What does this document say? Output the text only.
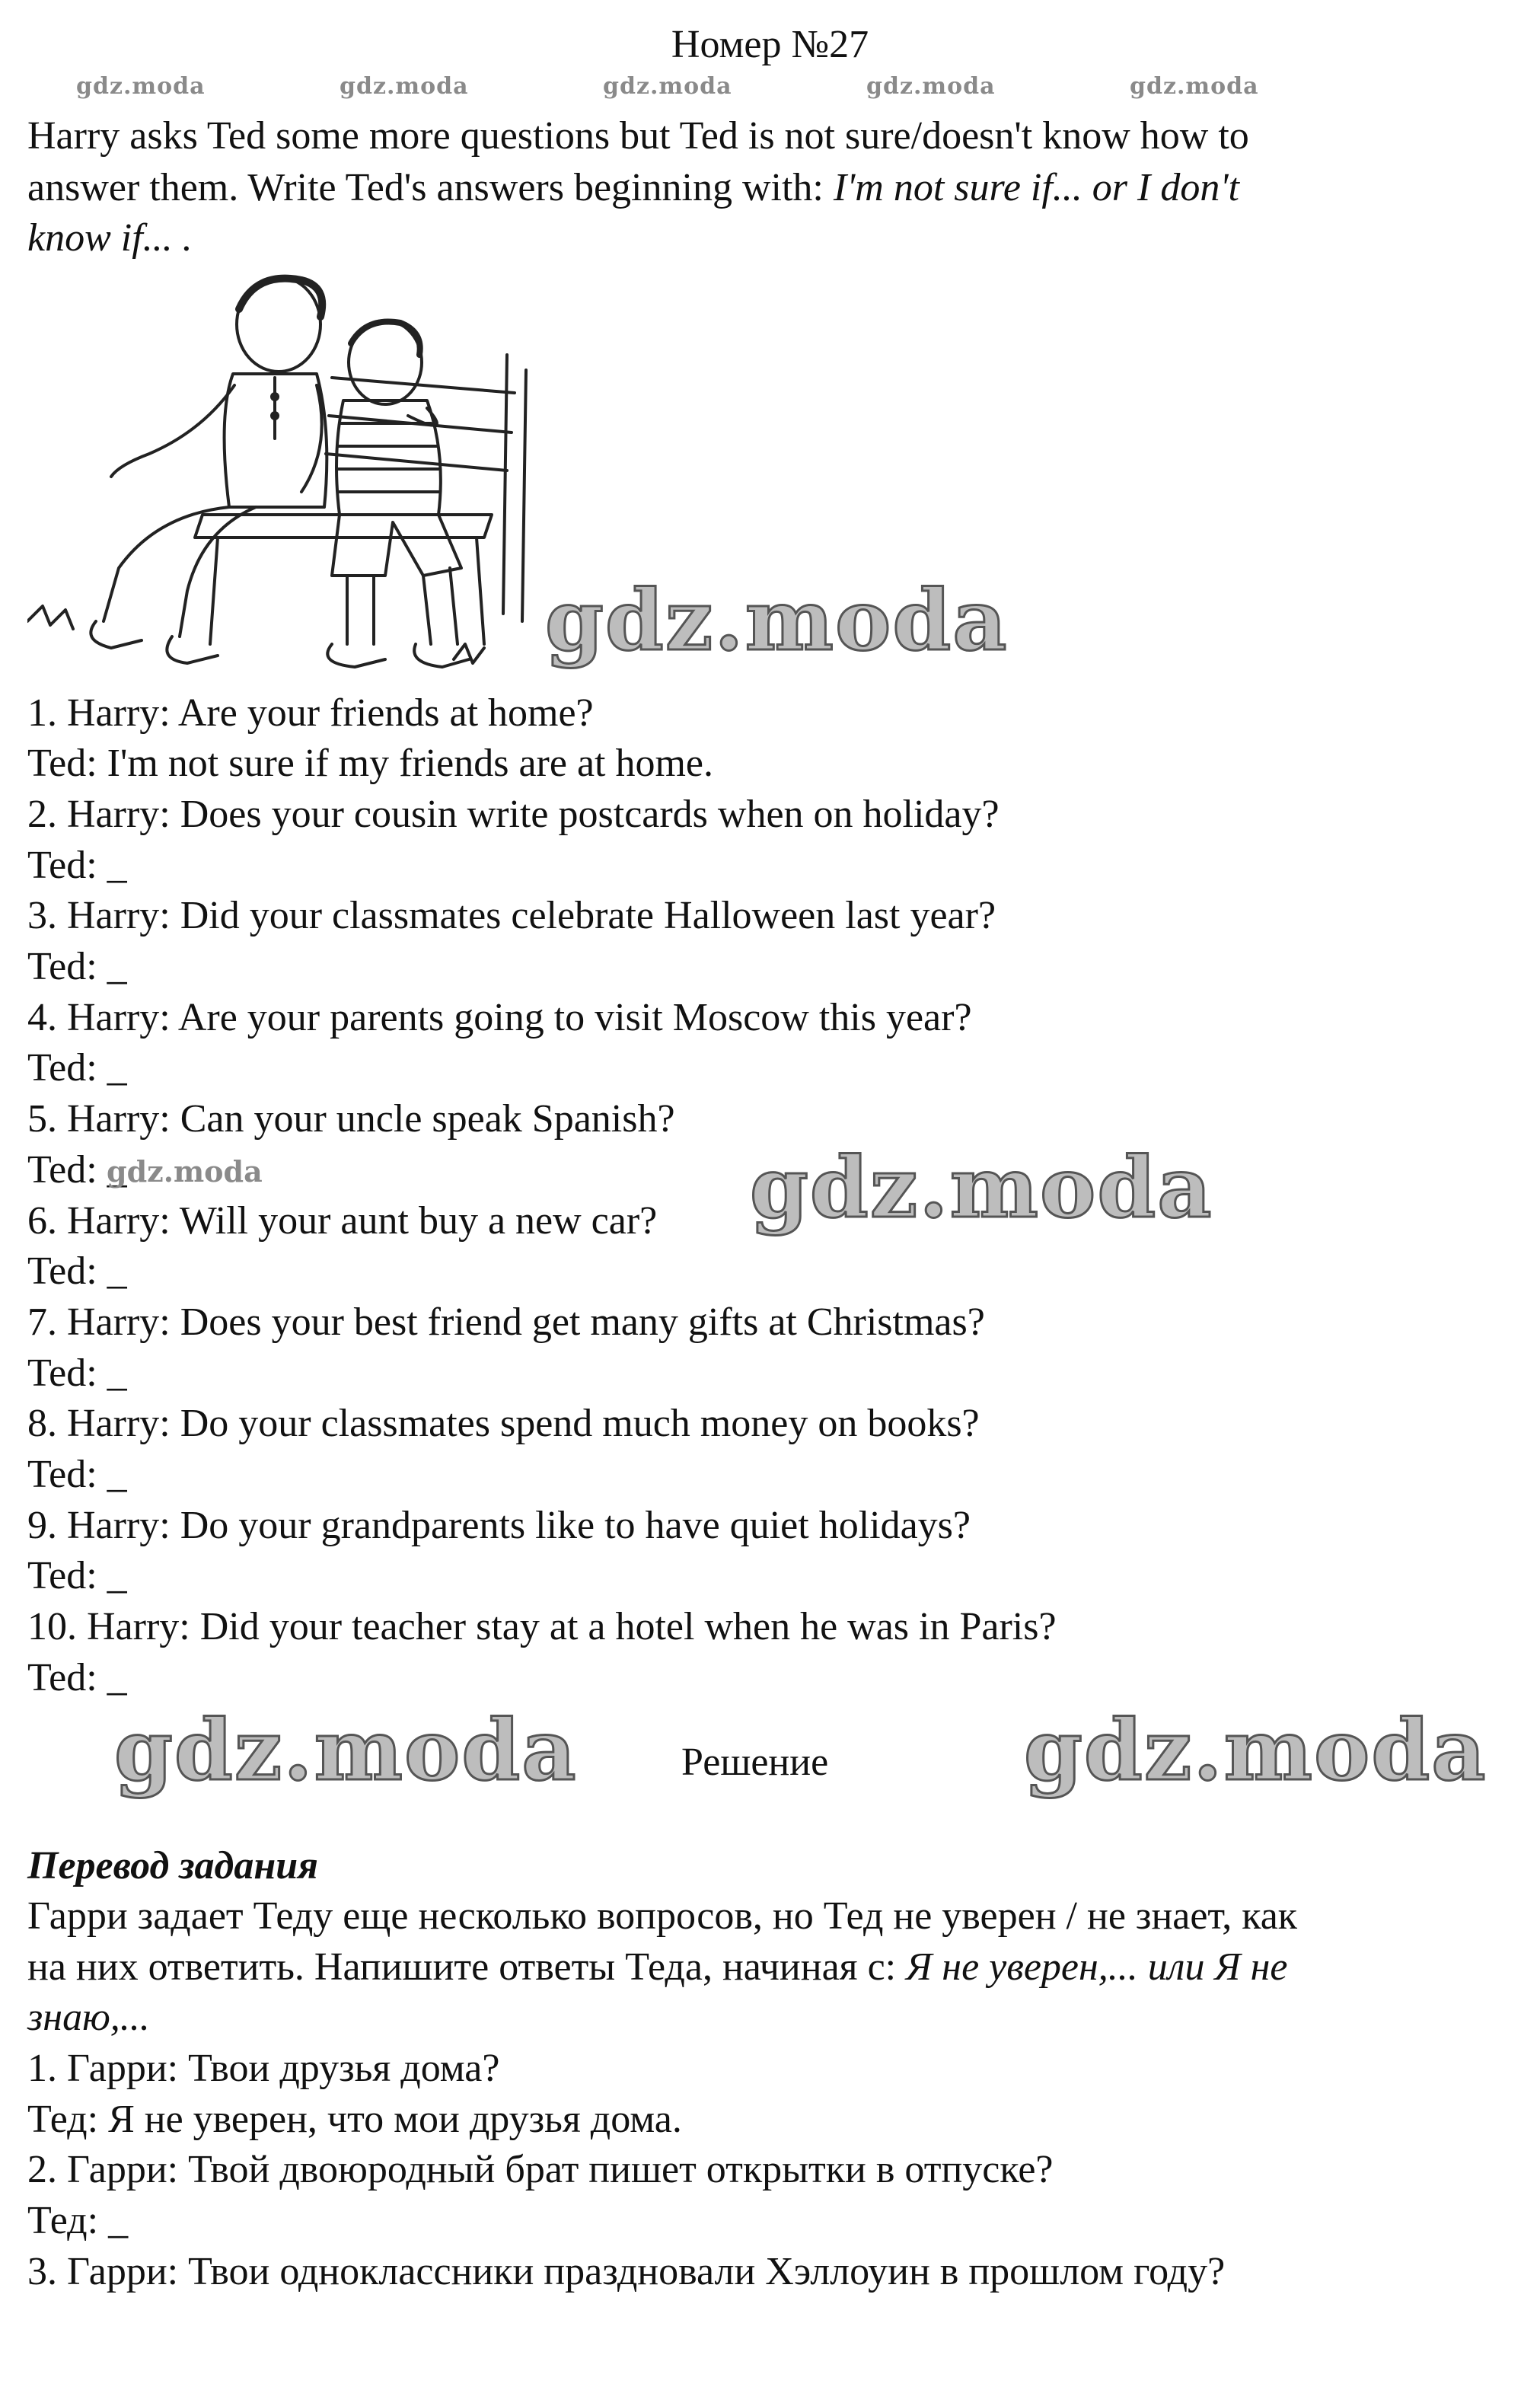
Номер №27
gdz.moda	gdz.moda	gdz.moda	gdz.moda	gdz.moda
Harry asks Ted some more questions but Ted is not sure/doesn't know how to
answer them. Write Ted's answers beginning with: I'm not sure if... or I don't
know if... .
gdz.moda
1. Harry: Are your friends at home?
Ted: I'm not sure if my friends are at home.
2. Harry: Does your cousin write postcards when on holiday?
Ted: _
3. Harry: Did your classmates celebrate Halloween last year?
Ted: _
4. Harry: Are your parents going to visit Moscow this year?
Ted: _
5. Harry: Can your uncle speak Spanish?
Ted: _
6. Harry: Will your aunt buy a new car?
Ted: _
7. Harry: Does your best friend get many gifts at Christmas?
Ted: _
8. Harry: Do your classmates spend much money on books?
Ted: _
9. Harry: Do your grandparents like to have quiet holidays?
Ted: _
10. Harry: Did your teacher stay at a hotel when he was in Paris?
Ted: _
gdz.moda	gdz.moda
gdz.moda	Решение gdz.moda
Перевод задания
Гарри задает Теду еще несколько вопросов, но Тед не уверен / не знает, как
на них ответить. Напишите ответы Теда, начиная с: Я не уверен,... или Я не
знаю,...
1. Гарри: Твои друзья дома?
Тед: Я не уверен, что мои друзья дома.
2. Гарри: Твой двоюродный брат пишет открытки в отпуске?
Тед: _
3. Гарри: Твои одноклассники праздновали Хэллоуин в прошлом году?
